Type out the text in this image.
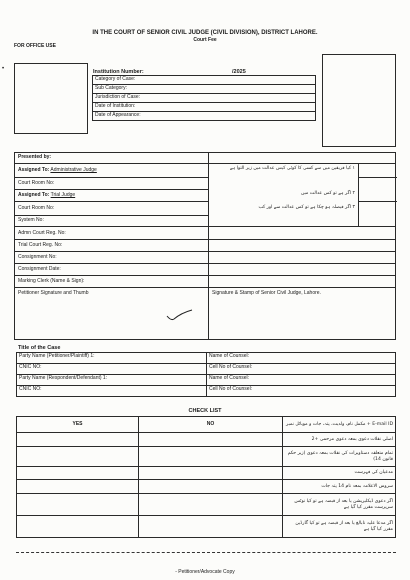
IN THE COURT OF SENIOR CIVIL JUDGE (CIVIL DIVISION), DISTRICT LAHORE.
Court Fee
FOR OFFICE USE
•	Institution Number:	/2025
Category of Case:
Sub Category:
Jurisdiction of Case:
Date of Institution:
Date of Appearance:
Presented by:
Assigned To: Administrative Judge
Court Room No:
Assigned To: Trial Judge
Court Room No:
System No:
Admn Court Reg. No:
Trial Court Reg. No:
Consignment No:
Consignment Date:
Marking Clerk (Name & Sign):
Petitioner Signature and Thumb	Signature & Stamp of Senior Civil Judge, Lahore.
۱ کیا فریقین میں سے کسی کا کوئی کیس عدالت میں زیر التوا ہے
۲ اگر ہے تو کس عدالت میں
۳ اگر فیصلہ ہو چکا ہے تو کس عدالت سے اور کب
Title of the Case
Party Name (Petitioner/Plaintiff) 1:	Name of Counsel:
CNIC NO:	Cell No of Counsel:
Party Name (Respondent/Defendant) 1:	Name of Counsel:
CNIC NO:	Cell No of Counsel:
CHECK LIST
YES	NO	E-mail ID + مکمل نام، ولدیت، پتہ، جات و موبائل نمبر
		اصلی نقلات دعوی بمعہ دعوی مرحمی +2
		تمام متعلقہ دستاویزات کی نقلات بمعہ دعوی (زیر حکم قانون 14)
		مدعیان کی فہرست
		سروس الاعلامہ بمعہ نام 14 پتہ جات
		اگر دعوی ڈیکلیریشن یا بعد از قبضہ ہے تو کیا نوٹس سرپرست مقرر کیا گیا ہے
		اگر مدعا علیہ نابالغ یا بعد از قبضہ ہے تو کیا گارڈین مقرر کیا گیا ہے
- Petitioner/Advocate Copy
